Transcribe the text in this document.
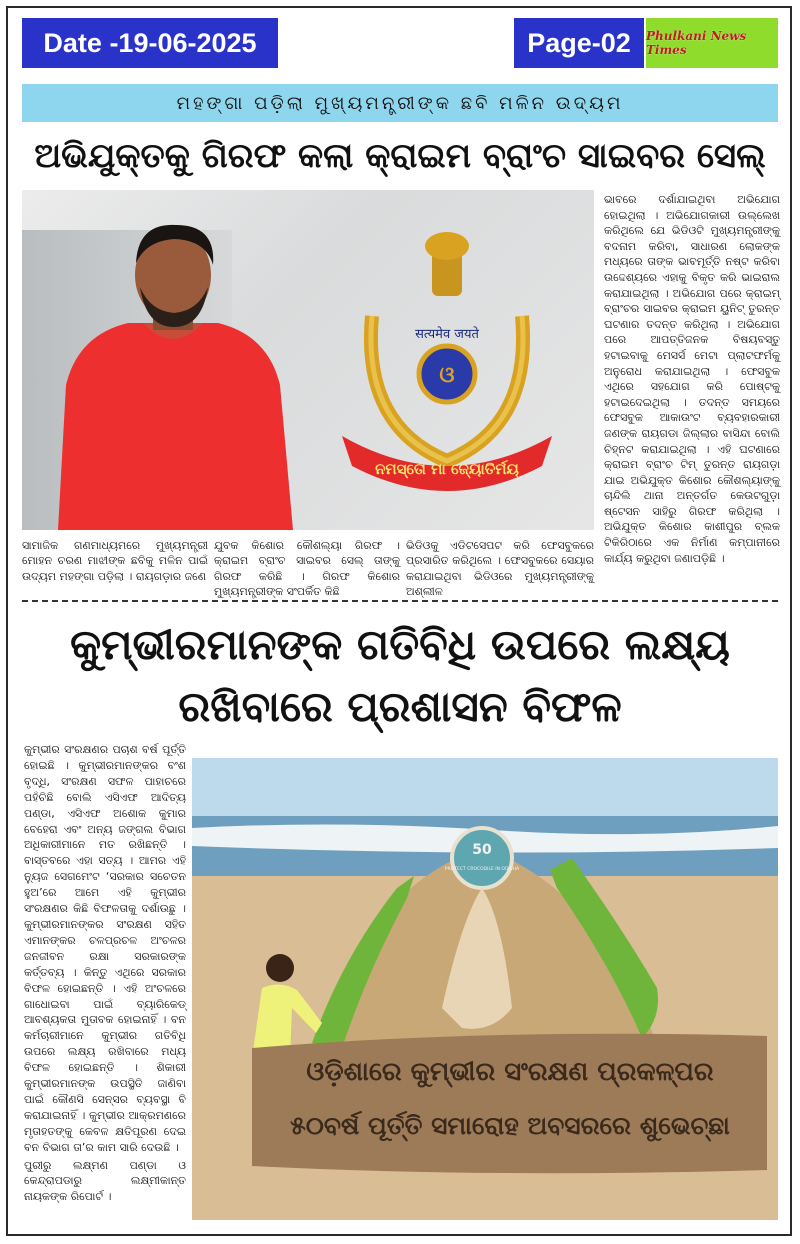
Date -19-06-2025	Page-02	Phulkani News Times
ମହଙ୍ଗା ପଡ଼ିଲା ମୁଖ୍ୟମନ୍ତ୍ରୀଙ୍କ ଛବି ମଳିନ ଉଦ୍ୟମ
ଅଭିଯୁକ୍ତକୁ ଗିରଫ କଲା କ୍ରାଇମ ବ୍ରାଂଚ ସାଇବର ସେଲ୍
सत्यमेव जयते
ଓ
ନମସ୍ତୋ ମା ଜ୍ୟୋତିର୍ମୟ
ଭାବରେ ଦର୍ଶାଯାଇଥିବା ଅଭିଯୋଗ ହୋଇଥିଲା । ଅଭିଯୋଗକାରୀ ଉଲ୍ଲେଖ କରିଥିଲେ ଯେ ଭିଡିଓଟି ମୁଖ୍ୟମନ୍ତ୍ରୀଙ୍କୁ ବଦନାମ କରିବା, ସାଧାରଣ ଲୋକଙ୍କ ମଧ୍ୟରେ ତାଙ୍କ ଭାବମୂର୍ତ୍ତି ନଷ୍ଟ କରିବା ଉଦ୍ଦେଶ୍ୟରେ ଏହାକୁ ବିକୃତ କରି ଭାଇରାଲ କରାଯାଇଥିଲା । ଅଭିଯୋଗ ପରେ କ୍ରାଇମ୍ ବ୍ରାଂଚର ସାଇବର କ୍ରାଇମ ୟୁନିଟ୍ ତୁରନ୍ତ ଘଟଣାର ତଦନ୍ତ କରିଥିଲା । ଅଭିଯୋଗ ପରେ ଆପତ୍ତିଜନକ ବିଷୟବସ୍ତୁ ହଟାଇବାକୁ ମେସର୍ସ ମେଟା ପ୍ଲାଟଫର୍ମକୁ ଅନୁରୋଧ କରାଯାଇଥିଲା । ଫେସବୁକ ଏଥିରେ ସହଯୋଗ କରି ପୋଷ୍ଟକୁ ହଟାଇଦେଇଥିଲା । ତଦନ୍ତ ସମୟରେ ଫେସବୁକ ଆକାଉଂଟ ବ୍ୟବହାରକାରୀ ଜଣଙ୍କ ରାୟଗଡା ଜିଲ୍ଲାର ବାସିନ୍ଦା ବୋଲି ଚିହ୍ନଟ କରାଯାଇଥିଲା । ଏହି ଘଟଣାରେ କ୍ରାଇମ ବ୍ରାଂଚ ଟିମ୍ ତୁରନ୍ତ ରାୟଗଡ଼ା ଯାଇ ଅଭିଯୁକ୍ତ କିଶୋର କୌଶଲ୍ୟାଙ୍କୁ ଚାନ୍ଦିଲି ଥାନା ଅନ୍ତର୍ଗତ କେଉଟଗୁଡ଼ା ଷ୍ଟେସନ ସାହିରୁ ଗିରଫ କରିଥିଲା । ଅଭିଯୁକ୍ତ କିଶୋର କାଶୀପୁର ବ୍ଲକ ଟିକିରିଠାରେ ଏକ ନିର୍ମାଣ କମ୍ପାନୀରେ କାର୍ଯ୍ୟ କରୁଥିବା ଜଣାପଡ଼ିଛି ।
ସାମାଜିକ ଗଣମାଧ୍ୟମରେ ମୁଖ୍ୟମନ୍ତ୍ରୀ ମୋହନ ଚରଣ ମାଝୀଙ୍କ ଛବିକୁ ମଳିନ ପାଇଁ ଉଦ୍ୟମ ମହଙ୍ଗା ପଡ଼ିଲା । ରାୟଗଡ଼ାର ଜଣେ
ଯୁବକ କିଶୋର କୌଶଲ୍ୟା ଗିରଫ । କ୍ରାଇମ ବ୍ରାଂଚ ସାଇବର ସେଲ୍ ତାଙ୍କୁ ଗିରଫ କରିଛି । ଗିରଫ କିଶୋର ମୁଖ୍ୟମନ୍ତ୍ରୀଙ୍କ ସଂପର୍କିତ କିଛି
ଭିଡିଓକୁ ଏଡିଟସେପଟ କରି ଫେସବୁକରେ ପ୍ରସାରିତ କରିଥିଲେ । ଫେସବୁକରେ ସେୟାର କରାଯାଇଥିବା ଭିଡିଓରେ ମୁଖ୍ୟମନ୍ତ୍ରୀଙ୍କୁ ଅଶ୍ଲୀଳ
କୁମ୍ଭୀରମାନଙ୍କ ଗତିବିଧି ଉପରେ ଲକ୍ଷ୍ୟ
ରଖିବାରେ ପ୍ରଶାସନ ବିଫଳ
କୁମ୍ଭୀର ସଂରକ୍ଷଣର ପଚାଶ ବର୍ଷ ପୂର୍ତ୍ତି ହୋଇଛି । କୁମ୍ଭୀରମାନଙ୍କର ବଂଶ ବୃଦ୍ଧି, ସଂରକ୍ଷଣ ସଫଳ ପାହାଚରେ ପହଁଚିଛି ବୋଲି ଏସିଏଫ ଆଦିତ୍ୟ ପଣ୍ଡା, ଏସିଏଫ ଅଶୋକ କୁମାର ବେହେରା ଏବଂ ଅନ୍ୟ ଜଙ୍ଗଲ ବିଭାଗ ଅଧିକାରୀମାନେ ମତ ରଖିଛନ୍ତି । ବାସ୍ତବରେ ଏହା ସତ୍ୟ । ଆମର ଏହି ନ୍ୟୁଜ ସେଗମେଂଟ ‘ସରକାର ସଚେତନ ହୁଅ’ରେ ଆମେ ଏହି କୁମ୍ଭୀର ସଂରକ୍ଷଣର କିଛି ବିଫଳତାକୁ ଦର୍ଶାଉଛୁ । କୁମ୍ଭୀରମାନଙ୍କର ସଂରକ୍ଷଣ ସହିତ ଏମାନଙ୍କର ଚଳପ୍ରଚଳ ଅଂଚଳର ଜନଜୀବନ ରକ୍ଷା ସରକାରଙ୍କ କର୍ତ୍ତବ୍ୟ । କିନ୍ତୁ ଏଥିରେ ସରକାର ବିଫଳ ହୋଇଛନ୍ତି । ଏହି ଅଂଚଳରେ ଗାଧୋଇବା ପାଇଁ ବ୍ୟାରିକେଡ୍ ଆବଶ୍ୟକତା ମୁତାବକ ହୋଇନାହିଁ । ବନ କର୍ମଚାରୀମାନେ କୁମ୍ଭୀର ଗତିବିଧି ଉପରେ ଲକ୍ଷ୍ୟ ରଖିବାରେ ମଧ୍ୟ ବିଫଳ ହୋଇଛନ୍ତି । ଶିକାରୀ କୁମ୍ଭୀରମାନଙ୍କ ଉପସ୍ଥିତି ଜାଣିବା ପାଇଁ କୌଣସି ସେନ୍ସର ବ୍ୟବସ୍ଥା ବି କରାଯାଇନାହିଁ । କୁମ୍ଭୀର ଆକ୍ରମଣରେ ମୃତାହତଙ୍କୁ କେବଳ କ୍ଷତିପୂରଣ ଦେଇ ବନ ବିଭାଗ ତା’ର କାମ ସାରି ଦେଉଛି ।
ପୁରୀରୁ ଲକ୍ଷ୍ମଣ ପଣ୍ଡା ଓ କେନ୍ଦ୍ରାପଡାରୁ ଲକ୍ଷ୍ମୀକାନ୍ତ ନାୟକଙ୍କ ରିପୋର୍ଟ ।
50
PROTECT CROCODILE IN ODISHA
ଓଡ଼ିଶାରେ କୁମ୍ଭୀର ସଂରକ୍ଷଣ ପ୍ରକଳ୍ପର
୫୦ବର୍ଷ ପୂର୍ତ୍ତି ସମାରୋହ ଅବସରରେ ଶୁଭେଚ୍ଛା
